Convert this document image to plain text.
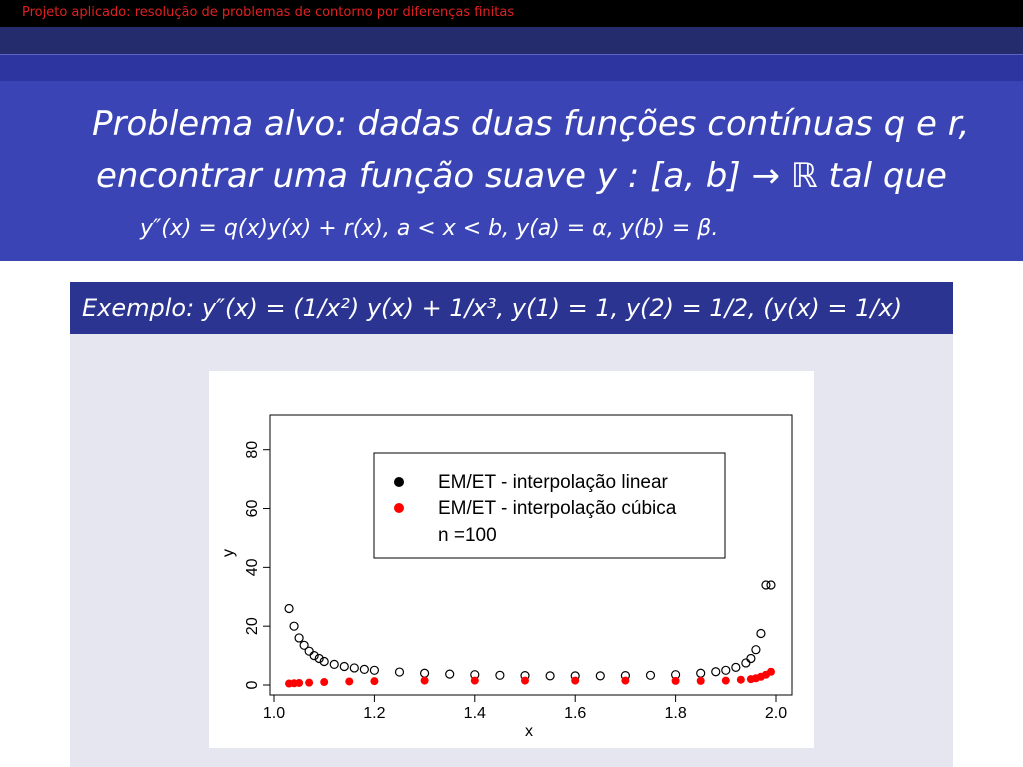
Projeto aplicado: resolução de problemas de contorno por diferenças finitas
Problema alvo: dadas duas funções contínuas q e r,
encontrar uma função suave y : [a, b] → ℝ tal que
y″(x) = q(x)y(x) + r(x), a < x < b, y(a) = α, y(b) = β.
Exemplo: y″(x) = (1/x²) y(x) + 1/x³, y(1) = 1, y(2) = 1/2, (y(x) = 1/x)
1.0	1.2	1.4	1.6	1.8	2.0
0
20
40
60
80
x
y
EM/ET - interpolação linear
EM/ET - interpolação cúbica
n =100
